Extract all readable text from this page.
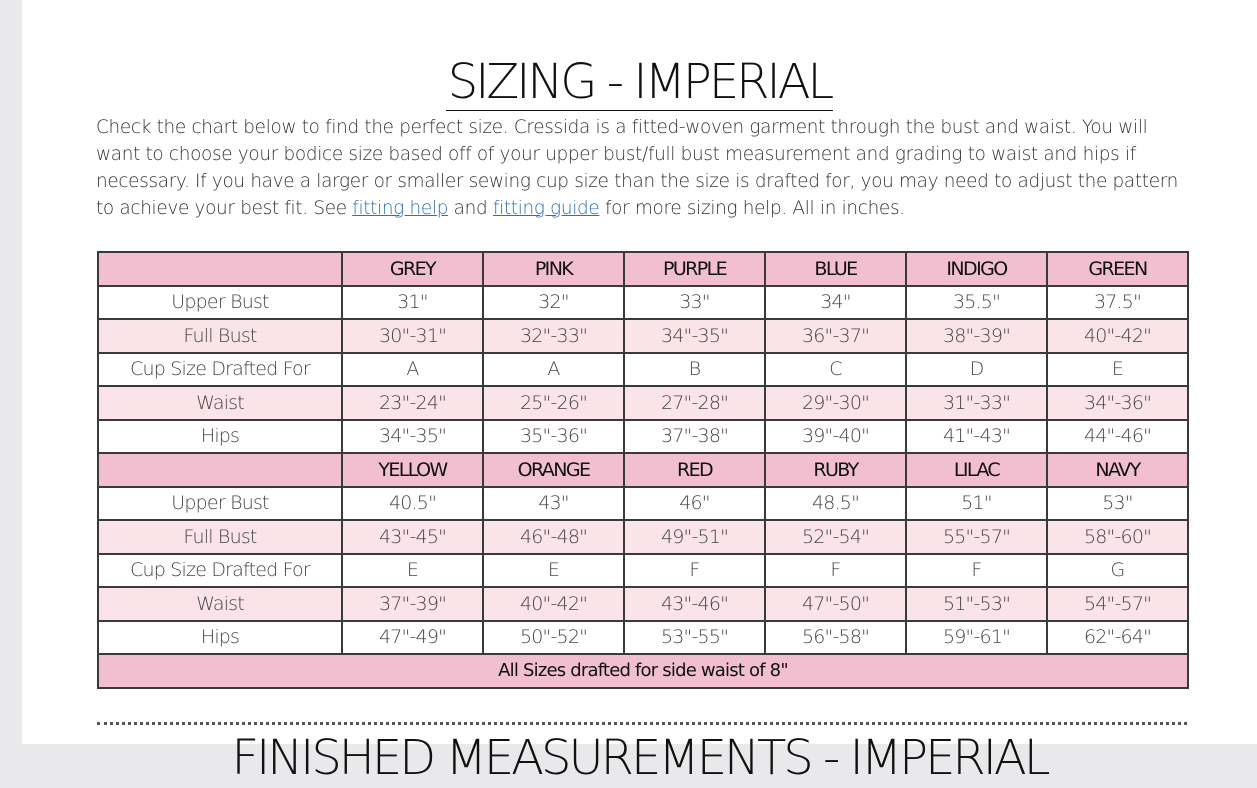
SIZING - IMPERIAL
Check the chart below to find the perfect size. Cressida is a fitted-woven garment through the bust and waist. You will want to choose your bodice size based off of your upper bust/full bust measurement and grading to waist and hips if necessary. If you have a larger or smaller sewing cup size than the size is drafted for, you may need to adjust the pattern to achieve your best fit. See fitting help and fitting guide for more sizing help. All in inches.
	GREY	PINK	PURPLE	BLUE	INDIGO	GREEN
Upper Bust	31"	32"	33"	34"	35.5"	37.5"
Full Bust	30"-31"	32"-33"	34"-35"	36"-37"	38"-39"	40"-42"
Cup Size Drafted For	A	A	B	C	D	E
Waist	23"-24"	25"-26"	27"-28"	29"-30"	31"-33"	34"-36"
Hips	34"-35"	35"-36"	37"-38"	39"-40"	41"-43"	44"-46"
	YELLOW	ORANGE	RED	RUBY	LILAC	NAVY
Upper Bust	40.5"	43"	46"	48.5"	51"	53"
Full Bust	43"-45"	46"-48"	49"-51"	52"-54"	55"-57"	58"-60"
Cup Size Drafted For	E	E	F	F	F	G
Waist	37"-39"	40"-42"	43"-46"	47"-50"	51"-53"	54"-57"
Hips	47"-49"	50"-52"	53"-55"	56"-58"	59"-61"	62"-64"
All Sizes drafted for side waist of 8"						
FINISHED MEASUREMENTS - IMPERIAL
